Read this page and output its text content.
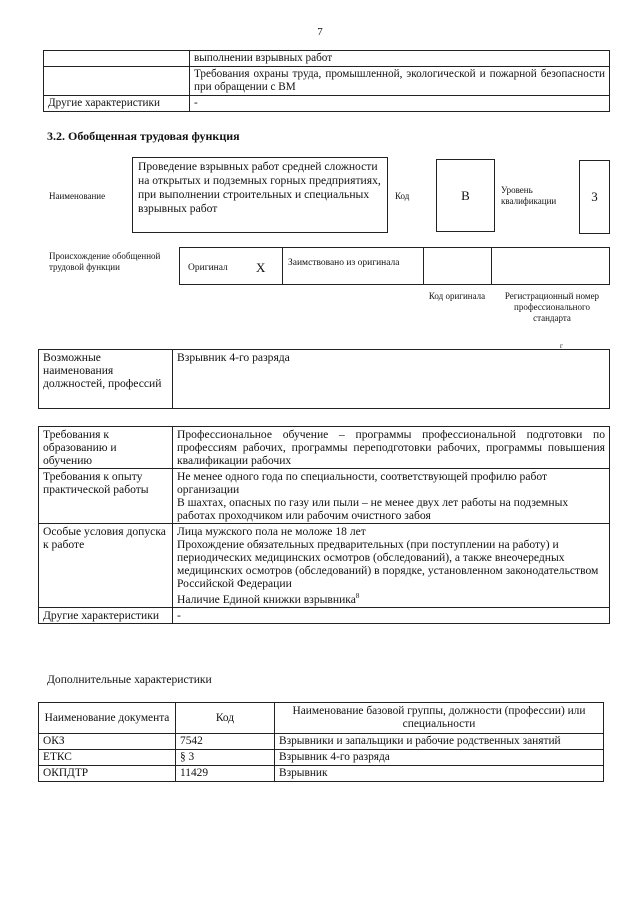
7
	выполнении взрывных работ
	Требования охраны труда, промышленной, экологической и пожарной безопасности при обращении с ВМ
Другие характеристики	-
3.2. Обобщенная трудовая функция
Наименование
Проведение взрывных работ средней сложности на открытых и подземных горных предприятиях, при выполнении строительных и специальных взрывных работ
Код	B	Уровень квалификации	3
Происхождение обобщенной трудовой функции	Оригинал X Заимствовано из оригинала
Код оригинала	Регистрационный номер профессионального стандарта
г
Возможные наименования должностей, профессий	Взрывник 4-го разряда
Требования к образованию и обучению	Профессиональное обучение – программы профессиональной подготовки по профессиям рабочих, программы переподготовки рабочих, программы повышения квалификации рабочих
Требования к опыту практической работы	Не менее одного года по специальности, соответствующей профилю работ организации
В шахтах, опасных по газу или пыли – не менее двух лет работы на подземных работах проходчиком или рабочим очистного забоя

Особые условия допуска к работе	Лица мужского пола не моложе 18 лет
Прохождение обязательных предварительных (при поступлении на работу) и периодических медицинских осмотров (обследований), а также внеочередных медицинских осмотров (обследований) в порядке, установленном законодательством Российской Федерации
Наличие Единой книжки взрывника$^8$

Другие характеристики	-
Дополнительные характеристики
Наименование документа	Код	Наименование базовой группы, должности (профессии) или специальности
ОКЗ	7542	Взрывники и запальщики и рабочие родственных занятий
ЕТКС	§ 3	Взрывник 4-го разряда
ОКПДТР	11429	Взрывник
